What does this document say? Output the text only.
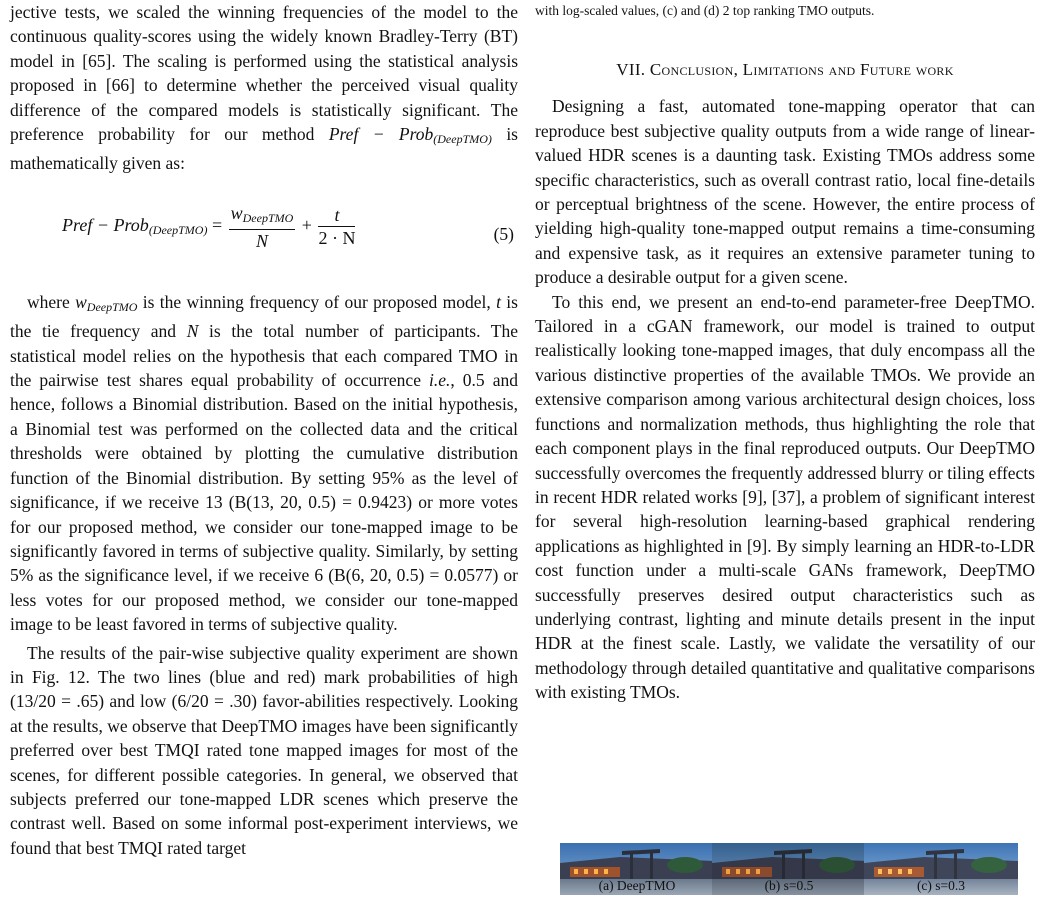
jective tests, we scaled the winning frequencies of the model to the continuous quality-scores using the widely known Bradley-Terry (BT) model in [65]. The scaling is performed using the statistical analysis proposed in [66] to determine whether the perceived visual quality difference of the compared models is statistically significant. The preference probability for our method Pref − Prob$_{(DeepTMO)}$ is mathematically given as:

Pref − Prob$_{(DeepTMO)}$ = $\frac{w_{DeepTMO}}{N} + \frac{t}{2 \cdot N}$	(5)

where $w_{DeepTMO}$ is the winning frequency of our proposed model, t is the tie frequency and N is the total number of participants. The statistical model relies on the hypothesis that each compared TMO in the pairwise test shares equal probability of occurrence i.e., 0.5 and hence, follows a Binomial distribution. Based on the initial hypothesis, a Binomial test was performed on the collected data and the critical thresholds were obtained by plotting the cumulative distribution function of the Binomial distribution. By setting 95% as the level of significance, if we receive 13 (B(13, 20, 0.5) = 0.9423) or more votes for our proposed method, we consider our tone-mapped image to be significantly favored in terms of subjective quality. Similarly, by setting 5% as the significance level, if we receive 6 (B(6, 20, 0.5) = 0.0577) or less votes for our proposed method, we consider our tone-mapped image to be least favored in terms of subjective quality.

The results of the pair-wise subjective quality experiment are shown in Fig. 12. The two lines (blue and red) mark probabilities of high (13/20 = .65) and low (6/20 = .30) favor-abilities respectively. Looking at the results, we observe that DeepTMO images have been significantly preferred over best TMQI rated tone mapped images for most of the scenes, for different possible categories. In general, we observed that subjects preferred our tone-mapped LDR scenes which preserve the contrast well. Based on some informal post-experiment interviews, we found that best TMQI rated target

with log-scaled values, (c) and (d) 2 top ranking TMO outputs.

VII. Conclusion, Limitations and Future work

Designing a fast, automated tone-mapping operator that can reproduce best subjective quality outputs from a wide range of linear-valued HDR scenes is a daunting task. Existing TMOs address some specific characteristics, such as overall contrast ratio, local fine-details or perceptual brightness of the scene. However, the entire process of yielding high-quality tone-mapped output remains a time-consuming and expensive task, as it requires an extensive parameter tuning to produce a desirable output for a given scene.

To this end, we present an end-to-end parameter-free DeepTMO. Tailored in a cGAN framework, our model is trained to output realistically looking tone-mapped images, that duly encompass all the various distinctive properties of the available TMOs. We provide an extensive comparison among various architectural design choices, loss functions and normalization methods, thus highlighting the role that each component plays in the final reproduced outputs. Our DeepTMO successfully overcomes the frequently addressed blurry or tiling effects in recent HDR related works [9], [37], a problem of significant interest for several high-resolution learning-based graphical rendering applications as highlighted in [9]. By simply learning an HDR-to-LDR cost function under a multi-scale GANs framework, DeepTMO successfully preserves desired output characteristics such as underlying contrast, lighting and minute details present in the input HDR at the finest scale. Lastly, we validate the versatility of our methodology through detailed quantitative and qualitative comparisons with existing TMOs.

(a) DeepTMO	(b) s=0.5	(c) s=0.3
